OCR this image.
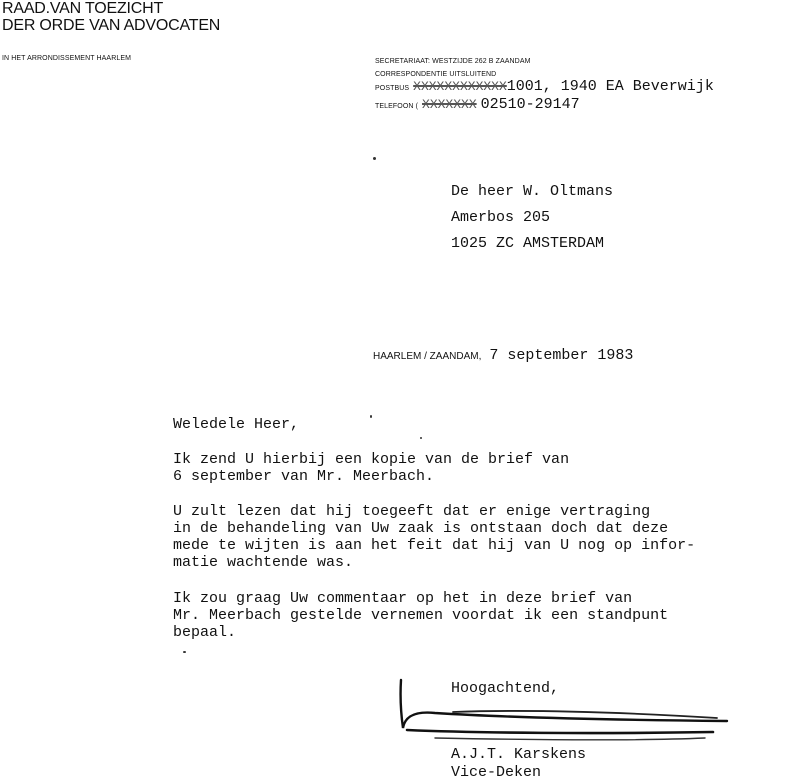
RAAD.VAN TOEZICHT
DER ORDE VAN ADVOCATEN
IN HET ARRONDISSEMENT HAARLEM	SECRETARIAAT: WESTZIJDE 262 B ZAANDAM
CORRESPONDENTIE UITSLUITEND
POSTBUS XXXXXXXXXXXX1001, 1940 EA Beverwijk
TELEFOON ( XXXXXXX 02510-29147
De heer W. Oltmans
Amerbos 205
1025 ZC AMSTERDAM
HAARLEM / ZAANDAM, 7 september 1983
Weledele Heer,
Ik zend U hierbij een kopie van de brief van
6 september van Mr. Meerbach.
U zult lezen dat hij toegeeft dat er enige vertraging
in de behandeling van Uw zaak is ontstaan doch dat deze
mede te wijten is aan het feit dat hij van U nog op infor-
matie wachtende was.
Ik zou graag Uw commentaar op het in deze brief van
Mr. Meerbach gestelde vernemen voordat ik een standpunt
bepaal.
Hoogachtend,
A.J.T. Karskens
Vice-Deken
